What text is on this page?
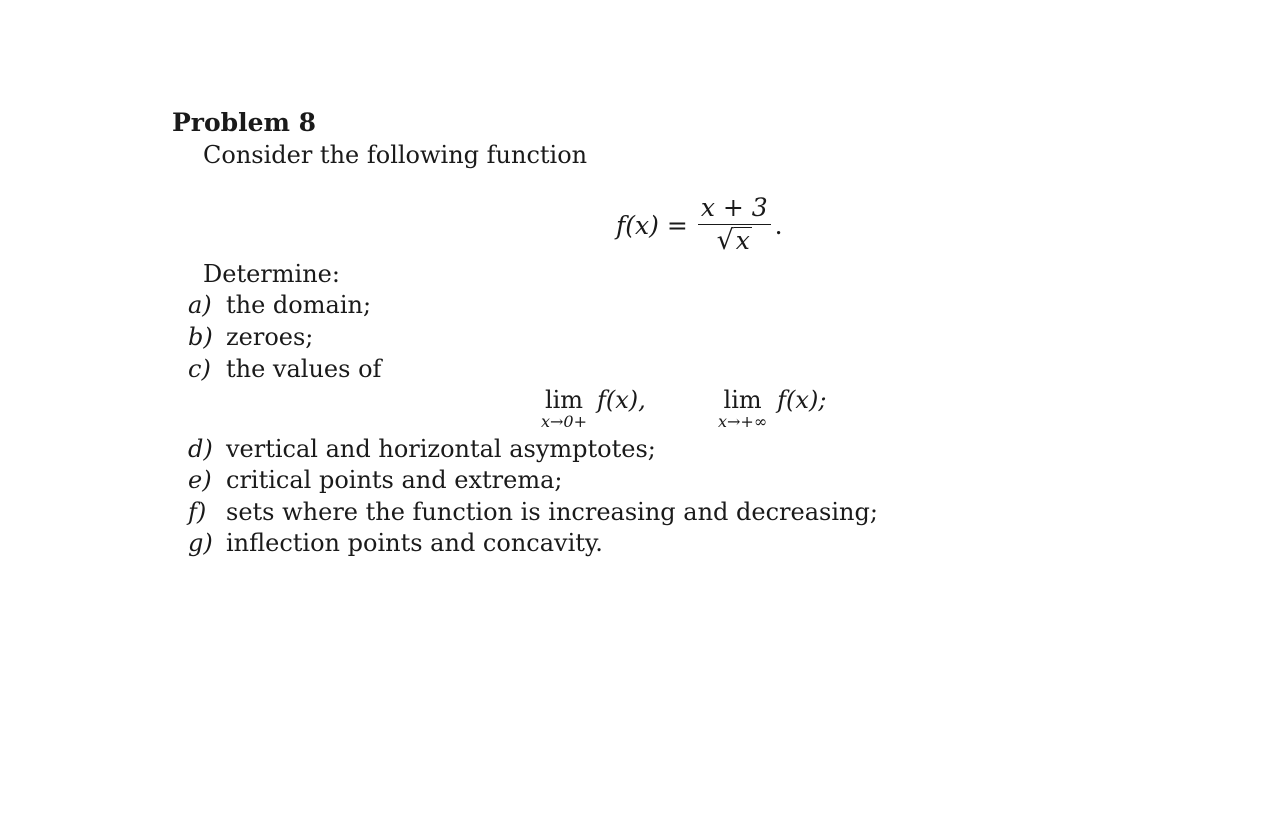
Problem 8
Consider the following function
$f(x) = \frac{x + 3}{√ x}$ .
Determine:
a) the domain;
b) zeroes;
c) the values of
lim
x→0+
f(x),	lim
x→+∞
f(x);
d) vertical and horizontal asymptotes;
e) critical points and extrema;
f) sets where the function is increasing and decreasing;
g) inflection points and concavity.
